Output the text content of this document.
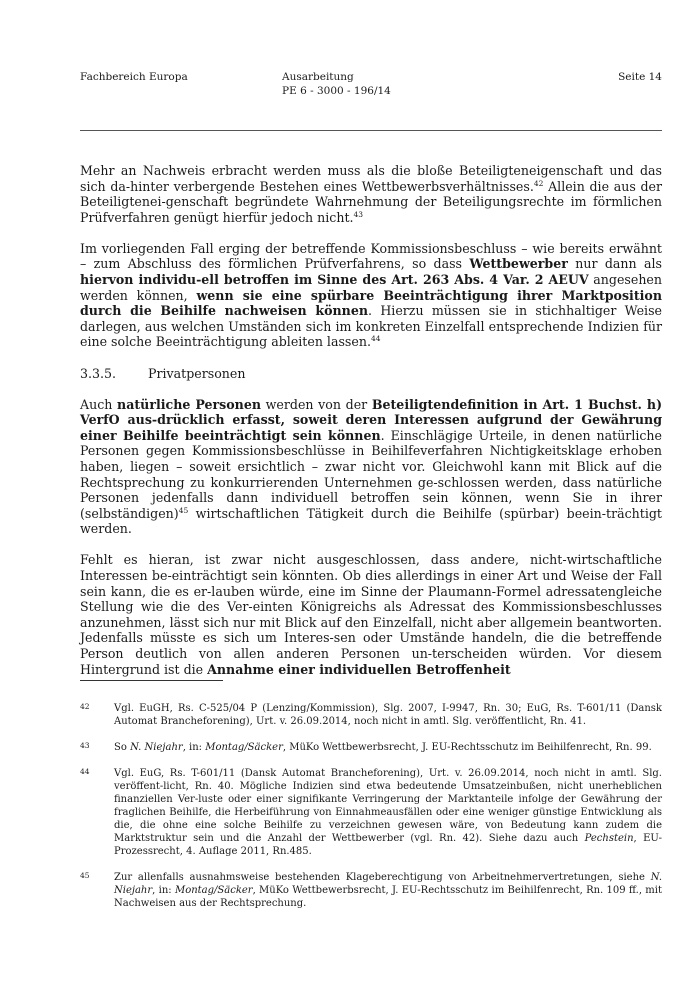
Fachbereich Europa	Ausarbeitung
PE 6 - 3000 - 196/14
Seite 14

Mehr an Nachweis erbracht werden muss als die bloße Beteiligteneigenschaft und das sich da-hinter verbergende Bestehen eines Wettbewerbsverhältnisses.$^{42}$ Allein die aus der Beteiligtenei-genschaft begründete Wahrnehmung der Beteiligungsrechte im förmlichen Prüfverfahren genügt hierfür jedoch nicht.$^{43}$

Im vorliegenden Fall erging der betreffende Kommissionsbeschluss – wie bereits erwähnt – zum Abschluss des förmlichen Prüfverfahrens, so dass Wettbewerber nur dann als hiervon individu-ell betroffen im Sinne des Art. 263 Abs. 4 Var. 2 AEUV angesehen werden können, wenn sie eine spürbare Beeinträchtigung ihrer Marktposition durch die Beihilfe nachweisen können. Hierzu müssen sie in stichhaltiger Weise darlegen, aus welchen Umständen sich im konkreten Einzelfall entsprechende Indizien für eine solche Beeinträchtigung ableiten lassen.$^{44}$

3.3.5.	Privatpersonen

Auch natürliche Personen werden von der Beteiligtendefinition in Art. 1 Buchst. h) VerfO aus-drücklich erfasst, soweit deren Interessen aufgrund der Gewährung einer Beihilfe beeinträchtigt sein können. Einschlägige Urteile, in denen natürliche Personen gegen Kommissionsbeschlüsse in Beihilfeverfahren Nichtigkeitsklage erhoben haben, liegen – soweit ersichtlich – zwar nicht vor. Gleichwohl kann mit Blick auf die Rechtsprechung zu konkurrierenden Unternehmen ge-schlossen werden, dass natürliche Personen jedenfalls dann individuell betroffen sein können, wenn Sie in ihrer (selbständigen)$^{45}$ wirtschaftlichen Tätigkeit durch die Beihilfe (spürbar) beein-trächtigt werden.

Fehlt es hieran, ist zwar nicht ausgeschlossen, dass andere, nicht-wirtschaftliche Interessen be-einträchtigt sein könnten. Ob dies allerdings in einer Art und Weise der Fall sein kann, die es er-lauben würde, eine im Sinne der Plaumann-Formel adressatengleiche Stellung wie die des Ver-einten Königreichs als Adressat des Kommissionsbeschlusses anzunehmen, lässt sich nur mit Blick auf den Einzelfall, nicht aber allgemein beantworten. Jedenfalls müsste es sich um Interes-sen oder Umstände handeln, die die betreffende Person deutlich von allen anderen Personen un-terscheiden würden. Vor diesem Hintergrund ist die Annahme einer individuellen Betroffenheit

42	Vgl. EuGH, Rs. C-525/04 P (Lenzing/Kommission), Slg. 2007, I-9947, Rn. 30; EuG, Rs. T-601/11 (Dansk Automat Brancheforening), Urt. v. 26.09.2014, noch nicht in amtl. Slg. veröffentlicht, Rn. 41.
43	So N. Niejahr, in: Montag/Säcker, MüKo Wettbewerbsrecht, J. EU-Rechtsschutz im Beihilfenrecht, Rn. 99.
44	Vgl. EuG, Rs. T-601/11 (Dansk Automat Brancheforening), Urt. v. 26.09.2014, noch nicht in amtl. Slg. veröffent-licht, Rn. 40. Mögliche Indizien sind etwa bedeutende Umsatzeinbußen, nicht unerheblichen finanziellen Ver-luste oder einer signifikante Verringerung der Marktanteile infolge der Gewährung der fraglichen Beihilfe, die Herbeiführung von Einnahmeausfällen oder eine weniger günstige Entwicklung als die, die ohne eine solche Beihilfe zu verzeichnen gewesen wäre, von Bedeutung kann zudem die Marktstruktur sein und die Anzahl der Wettbewerber (vgl. Rn. 42). Siehe dazu auch Pechstein, EU-Prozessrecht, 4. Auflage 2011, Rn.485.
45	Zur allenfalls ausnahmsweise bestehenden Klageberechtigung von Arbeitnehmervertretungen, siehe N. Niejahr, in: Montag/Säcker, MüKo Wettbewerbsrecht, J. EU-Rechtsschutz im Beihilfenrecht, Rn. 109 ff., mit Nachweisen aus der Rechtsprechung.
